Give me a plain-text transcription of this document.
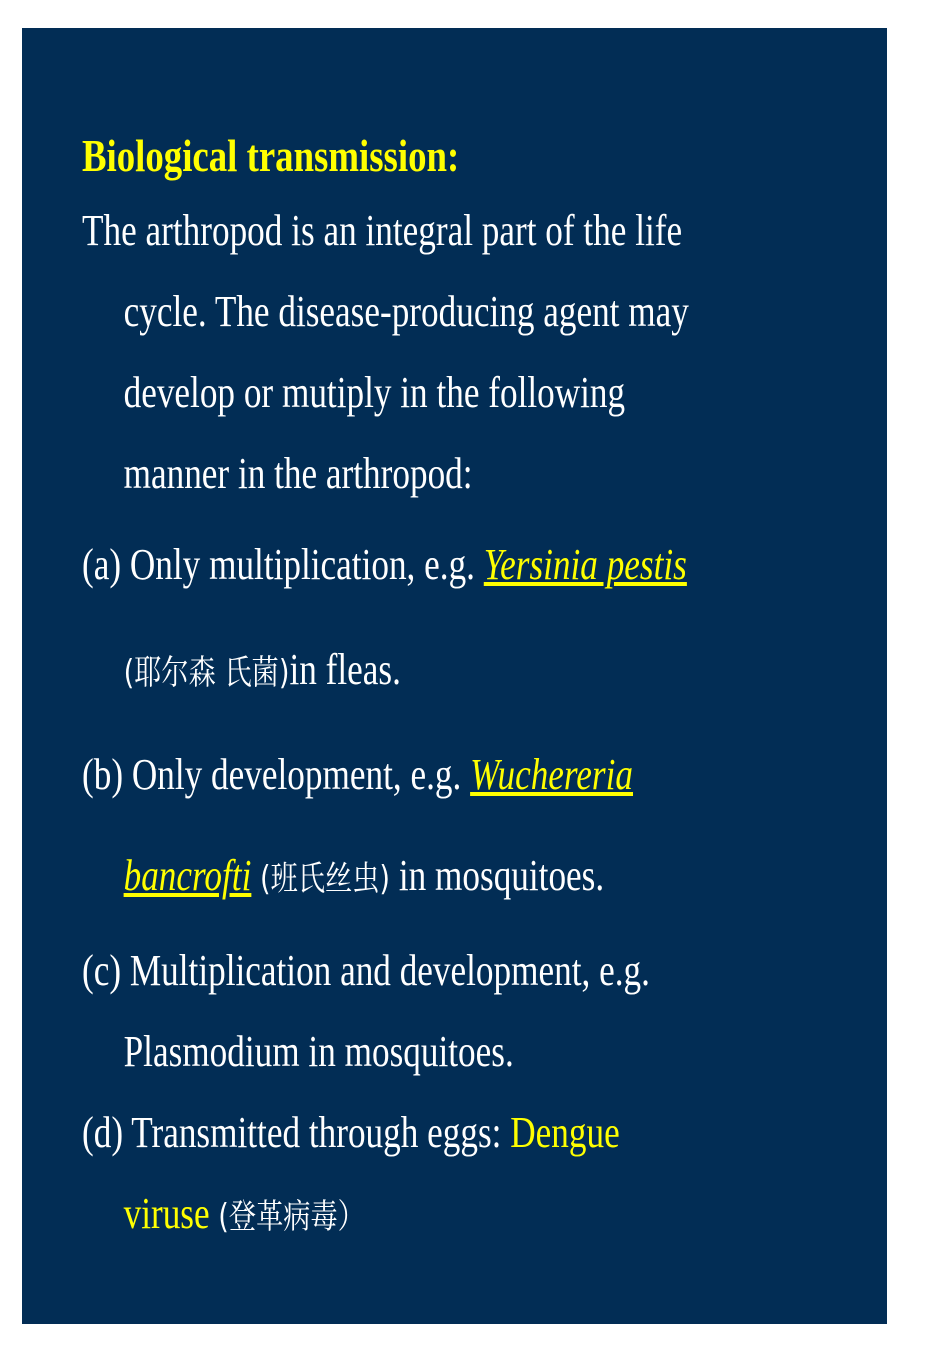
Biological transmission:

The arthropod is an integral part of the life cycle. The disease-producing agent may develop or mutiply in the following manner in the arthropod:

(a) Only multiplication, e.g. Yersinia pestis (耶尔森 氏菌)in fleas.

(b) Only development, e.g. Wuchereria bancrofti (班氏丝虫) in mosquitoes.

(c) Multiplication and development, e.g. Plasmodium in mosquitoes.

(d) Transmitted through eggs: Dengue viruse (登革病毒）
